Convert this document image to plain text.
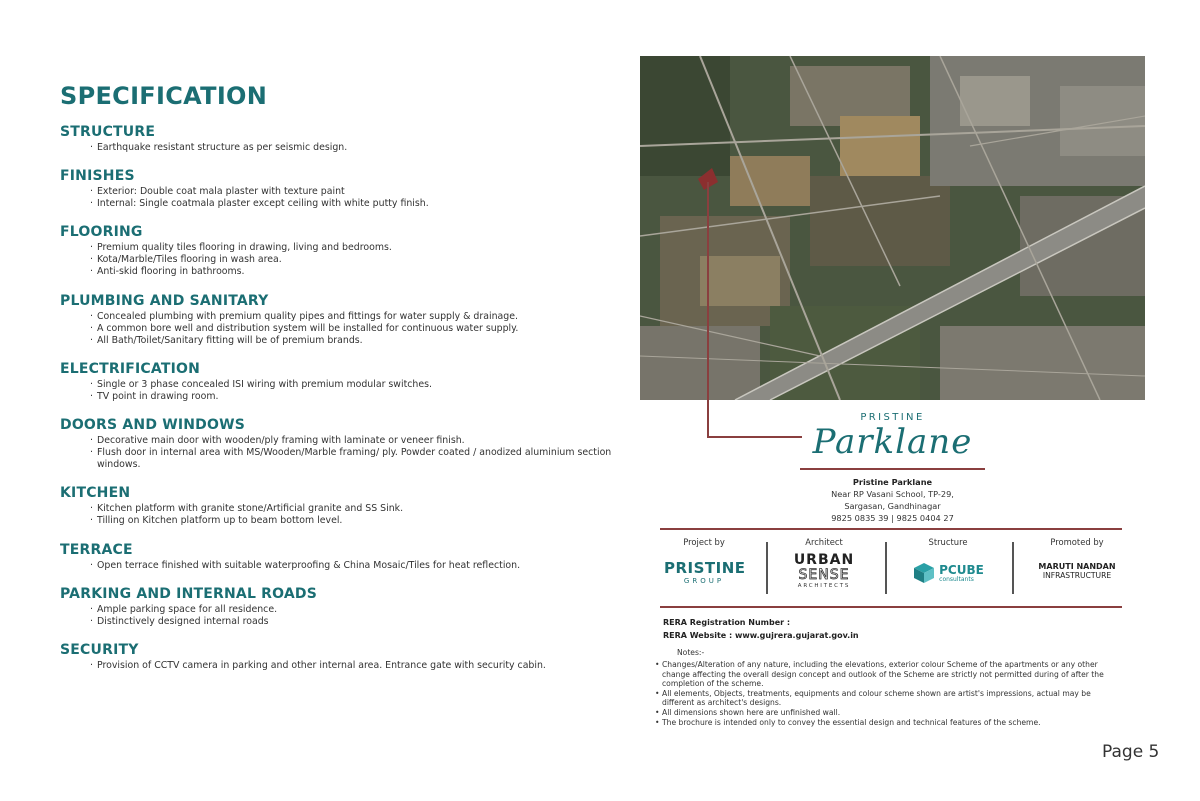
SPECIFICATION
STRUCTURE
· Earthquake resistant structure as per seismic design.
FINISHES
· Exterior: Double coat mala plaster with texture paint
· Internal: Single coatmala plaster except ceiling with white putty finish.
FLOORING
· Premium quality tiles flooring in drawing, living and bedrooms.
· Kota/Marble/Tiles flooring in wash area.
· Anti-skid flooring in bathrooms.
PLUMBING AND SANITARY
· Concealed plumbing with premium quality pipes and fittings for water supply & drainage.
· A common bore well and distribution system will be installed for continuous water supply.
· All Bath/Toilet/Sanitary fitting will be of premium brands.
ELECTRIFICATION
· Single or 3 phase concealed ISI wiring with premium modular switches.
· TV point in drawing room.
DOORS AND WINDOWS
· Decorative main door with wooden/ply framing with laminate or veneer finish.
· Flush door in internal area with MS/Wooden/Marble framing/ ply. Powder coated / anodized aluminium section windows.
KITCHEN
· Kitchen platform with granite stone/Artificial granite and SS Sink.
· Tilling on Kitchen platform up to beam bottom level.
TERRACE
· Open terrace finished with suitable waterproofing & China Mosaic/Tiles for heat reflection.
PARKING AND INTERNAL ROADS
· Ample parking space for all residence.
· Distinctively designed internal roads
SECURITY
· Provision of CCTV camera in parking and other internal area. Entrance gate with security cabin.
PRISTINE
Parklane
Pristine Parklane
Near RP Vasani School, TP-29,
Sargasan, Gandhinagar
9825 0835 39 | 9825 0404 27
Project by
PRISTINE
GROUP
Architect
URBAN
SENSE
ARCHITECTS
Structure
PCUBE
consultants
Promoted by
MARUTI NANDAN
INFRASTRUCTURE
RERA Registration Number :
RERA Website : www.gujrera.gujarat.gov.in
Notes:-
• Changes/Alteration of any nature, including the elevations, exterior colour Scheme of the apartments or any other change affecting the overall design concept and outlook of the Scheme are strictly not permitted during of after the completion of the scheme.
• All elements, Objects, treatments, equipments and colour scheme shown are artist's impressions, actual may be different as architect's designs.
• All dimensions shown here are unfinished wall.
• The brochure is intended only to convey the essential design and technical features of the scheme.
Page 5
